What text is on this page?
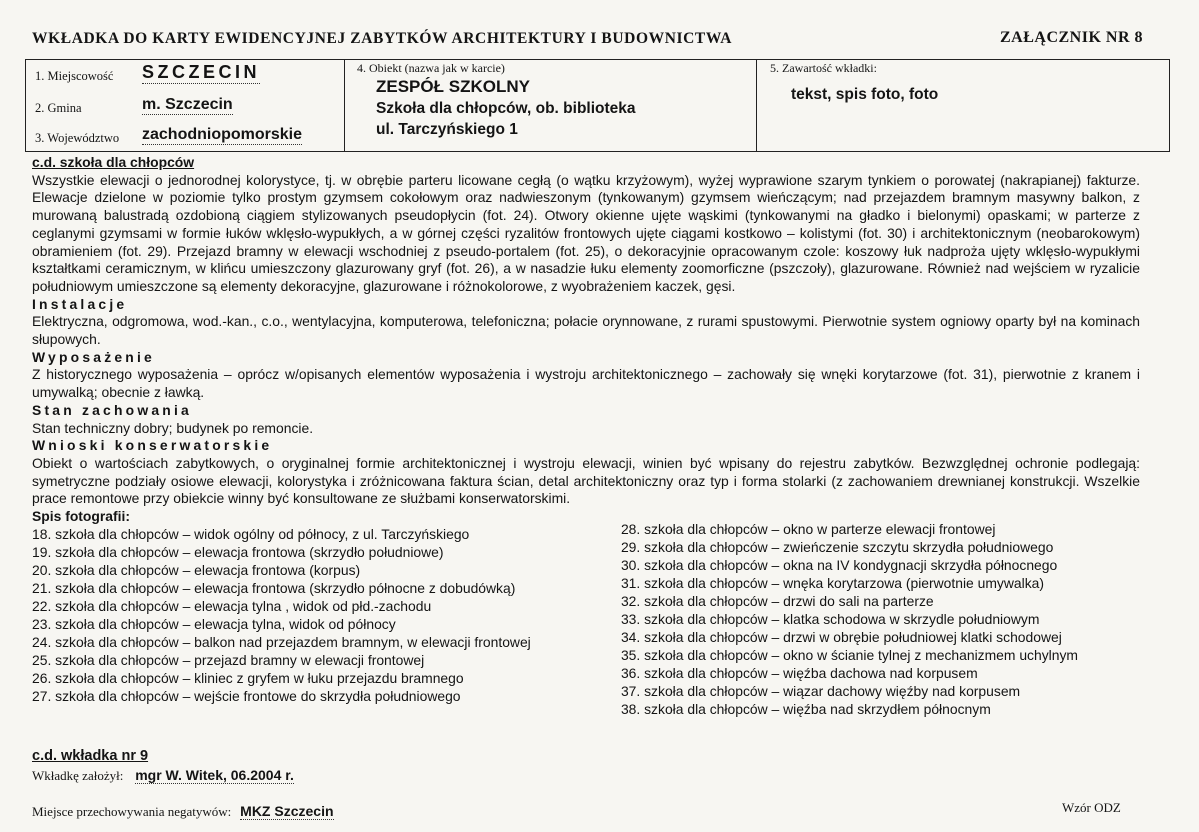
WKŁADKA DO KARTY EWIDENCYJNEJ ZABYTKÓW ARCHITEKTURY I BUDOWNICTWA	ZAŁĄCZNIK NR 8
1. Miejscowość SZCZECIN
2. Gmina	m. Szczecin
3. Województwo zachodniopomorskie
4. Obiekt (nazwa jak w karcie)
ZESPÓŁ SZKOLNY
Szkoła dla chłopców, ob. biblioteka
ul. Tarczyńskiego 1
5. Zawartość wkładki:
tekst, spis foto, foto
c.d. szkoła dla chłopców
Wszystkie elewacji o jednorodnej kolorystyce, tj. w obrębie parteru licowane cegłą (o wątku krzyżowym), wyżej wyprawione szarym tynkiem o porowatej (nakrapianej) fakturze. Elewacje dzielone w poziomie tylko prostym gzymsem cokołowym oraz nadwieszonym (tynkowanym) gzymsem wieńczącym; nad przejazdem bramnym masywny balkon, z murowaną balustradą ozdobioną ciągiem stylizowanych pseudopłycin (fot. 24). Otwory okienne ujęte wąskimi (tynkowanymi na gładko i bielonymi) opaskami; w parterze z ceglanymi gzymsami w formie łuków wklęsło-wypukłych, a w górnej części ryzalitów frontowych ujęte ciągami kostkowo – kolistymi (fot. 30) i architektonicznym (neobarokowym) obramieniem (fot. 29). Przejazd bramny w elewacji wschodniej z pseudo-portalem (fot. 25), o dekoracyjnie opracowanym czole: koszowy łuk nadproża ujęty wklęsło-wypukłymi kształtkami ceramicznym, w klińcu umieszczony glazurowany gryf (fot. 26), a w nasadzie łuku elementy zoomorficzne (pszczoły), glazurowane. Również nad wejściem w ryzalicie południowym umieszczone są elementy dekoracyjne, glazurowane i różnokolorowe, z wyobrażeniem kaczek, gęsi.
Instalacje
Elektryczna, odgromowa, wod.-kan., c.o., wentylacyjna, komputerowa, telefoniczna; połacie orynnowane, z rurami spustowymi. Pierwotnie system ogniowy oparty był na kominach słupowych.
Wyposażenie
Z historycznego wyposażenia – oprócz w/opisanych elementów wyposażenia i wystroju architektonicznego – zachowały się wnęki korytarzowe (fot. 31), pierwotnie z kranem i umywalką; obecnie z ławką.
Stan zachowania
Stan techniczny dobry; budynek po remoncie.
Wnioski konserwatorskie
Obiekt o wartościach zabytkowych, o oryginalnej formie architektonicznej i wystroju elewacji, winien być wpisany do rejestru zabytków. Bezwzględnej ochronie podlegają: symetryczne podziały osiowe elewacji, kolorystyka i zróżnicowana faktura ścian, detal architektoniczny oraz typ i forma stolarki (z zachowaniem drewnianej konstrukcji. Wszelkie prace remontowe przy obiekcie winny być konsultowane ze służbami konserwatorskimi.
Spis fotografii:
18. szkoła dla chłopców – widok ogólny od północy, z ul. Tarczyńskiego
19. szkoła dla chłopców – elewacja frontowa (skrzydło południowe)
20. szkoła dla chłopców – elewacja frontowa (korpus)
21. szkoła dla chłopców – elewacja frontowa (skrzydło północne z dobudówką)
22. szkoła dla chłopców – elewacja tylna , widok od płd.-zachodu
23. szkoła dla chłopców – elewacja tylna, widok od północy
24. szkoła dla chłopców – balkon nad przejazdem bramnym, w elewacji frontowej
25. szkoła dla chłopców – przejazd bramny w elewacji frontowej
26. szkoła dla chłopców – kliniec z gryfem w łuku przejazdu bramnego
27. szkoła dla chłopców – wejście frontowe do skrzydła południowego
28. szkoła dla chłopców – okno w parterze elewacji frontowej
29. szkoła dla chłopców – zwieńczenie szczytu skrzydła południowego
30. szkoła dla chłopców – okna na IV kondygnacji skrzydła północnego
31. szkoła dla chłopców – wnęka korytarzowa (pierwotnie umywalka)
32. szkoła dla chłopców – drzwi do sali na parterze
33. szkoła dla chłopców – klatka schodowa w skrzydle południowym
34. szkoła dla chłopców – drzwi w obrębie południowej klatki schodowej
35. szkoła dla chłopców – okno w ścianie tylnej z mechanizmem uchylnym
36. szkoła dla chłopców – więźba dachowa nad korpusem
37. szkoła dla chłopców – wiązar dachowy więźby nad korpusem
38. szkoła dla chłopców – więźba nad skrzydłem północnym
c.d. wkładka nr 9
Wkładkę założył: mgr W. Witek, 06.2004 r.
Miejsce przechowywania negatywów: MKZ Szczecin	Wzór ODZ
